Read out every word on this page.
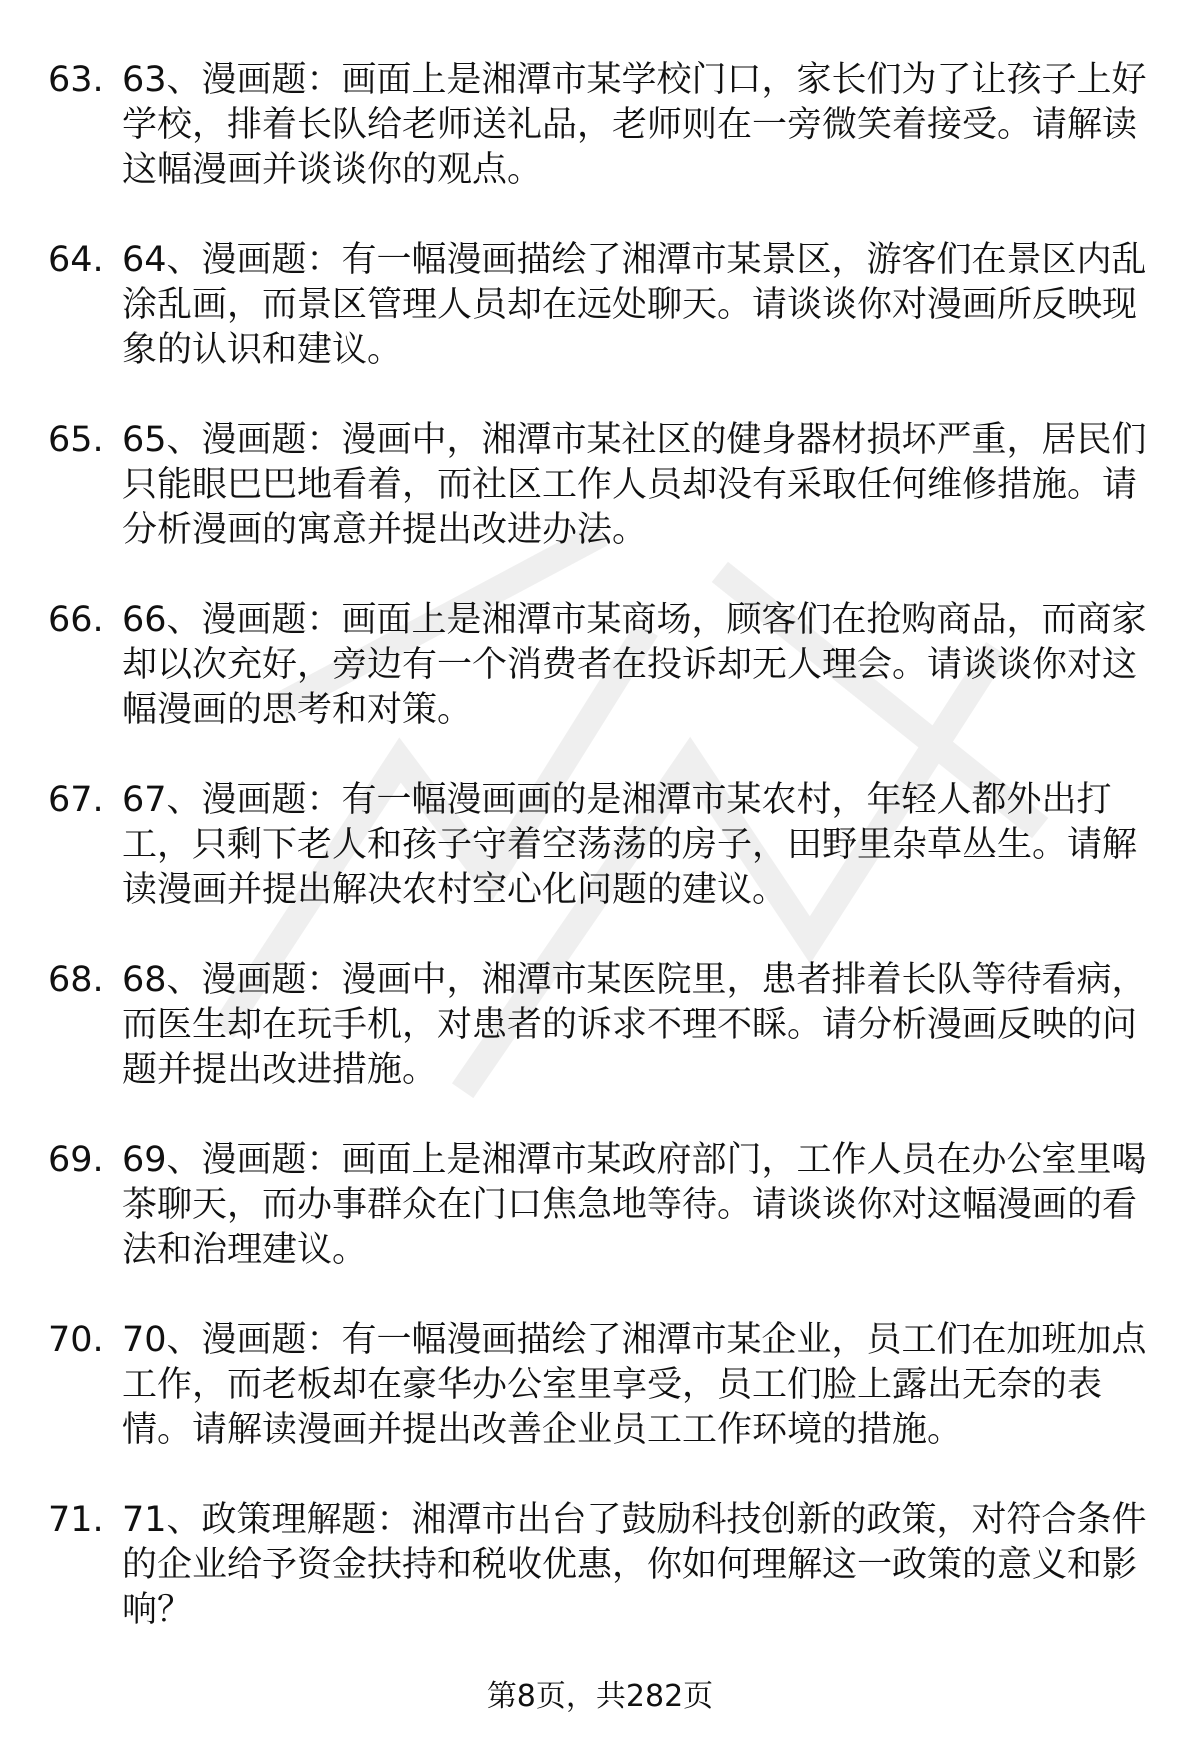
63. 63、漫画题：画面上是湘潭市某学校门口，家长们为了让孩子上好学校，排着长队给老师送礼品，老师则在一旁微笑着接受。请解读这幅漫画并谈谈你的观点。
64. 64、漫画题：有一幅漫画描绘了湘潭市某景区，游客们在景区内乱涂乱画，而景区管理人员却在远处聊天。请谈谈你对漫画所反映现象的认识和建议。
65. 65、漫画题：漫画中，湘潭市某社区的健身器材损坏严重，居民们只能眼巴巴地看着，而社区工作人员却没有采取任何维修措施。请分析漫画的寓意并提出改进办法。
66. 66、漫画题：画面上是湘潭市某商场，顾客们在抢购商品，而商家却以次充好，旁边有一个消费者在投诉却无人理会。请谈谈你对这幅漫画的思考和对策。
67. 67、漫画题：有一幅漫画画的是湘潭市某农村，年轻人都外出打工，只剩下老人和孩子守着空荡荡的房子，田野里杂草丛生。请解读漫画并提出解决农村空心化问题的建议。
68. 68、漫画题：漫画中，湘潭市某医院里，患者排着长队等待看病，而医生却在玩手机，对患者的诉求不理不睬。请分析漫画反映的问题并提出改进措施。
69. 69、漫画题：画面上是湘潭市某政府部门，工作人员在办公室里喝茶聊天，而办事群众在门口焦急地等待。请谈谈你对这幅漫画的看法和治理建议。
70. 70、漫画题：有一幅漫画描绘了湘潭市某企业，员工们在加班加点工作，而老板却在豪华办公室里享受，员工们脸上露出无奈的表情。请解读漫画并提出改善企业员工工作环境的措施。
71. 71、政策理解题：湘潭市出台了鼓励科技创新的政策，对符合条件的企业给予资金扶持和税收优惠，你如何理解这一政策的意义和影响？
第8页，共282页
